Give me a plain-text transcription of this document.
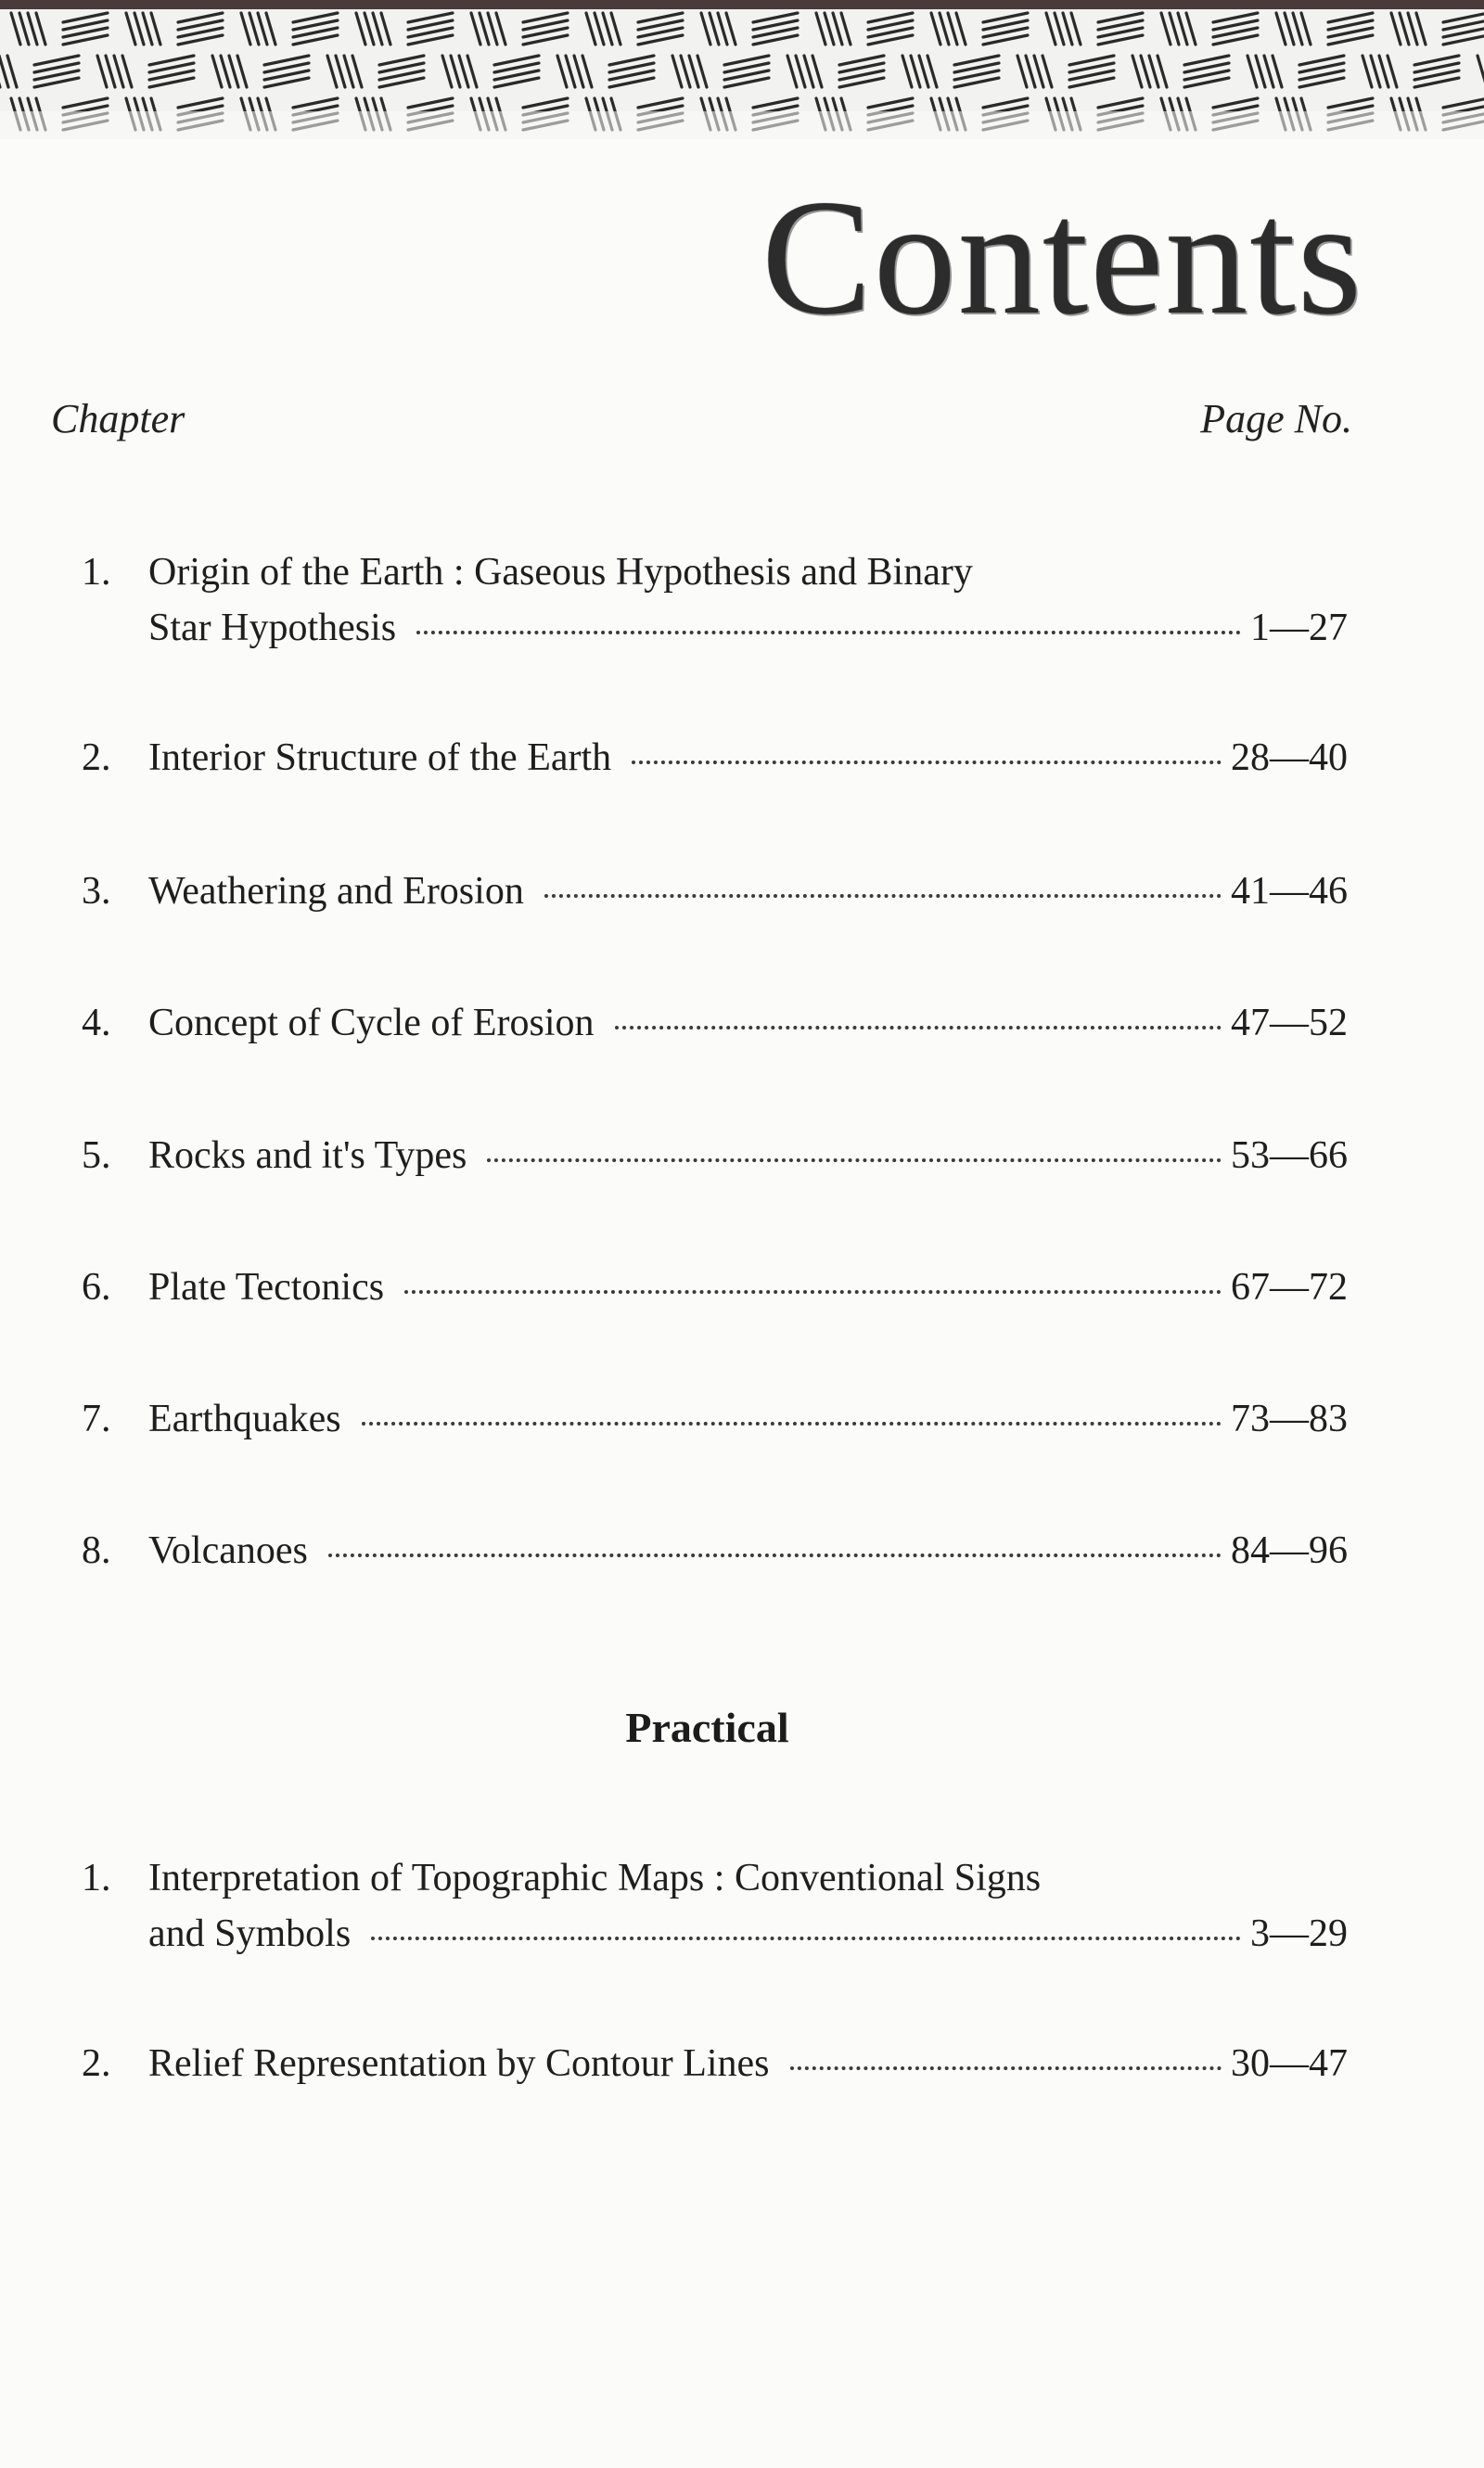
Contents
Chapter	Page No.
1. Origin of the Earth : Gaseous Hypothesis and Binary
Star Hypothesis	1—27
2. Interior Structure of the Earth	28—40
3. Weathering and Erosion	41—46
4. Concept of Cycle of Erosion	47—52
5. Rocks and it's Types	53—66
6. Plate Tectonics	67—72
7. Earthquakes	73—83
8. Volcanoes	84—96
Practical
1. Interpretation of Topographic Maps : Conventional Signs
and Symbols	3—29
2. Relief Representation by Contour Lines	30—47
